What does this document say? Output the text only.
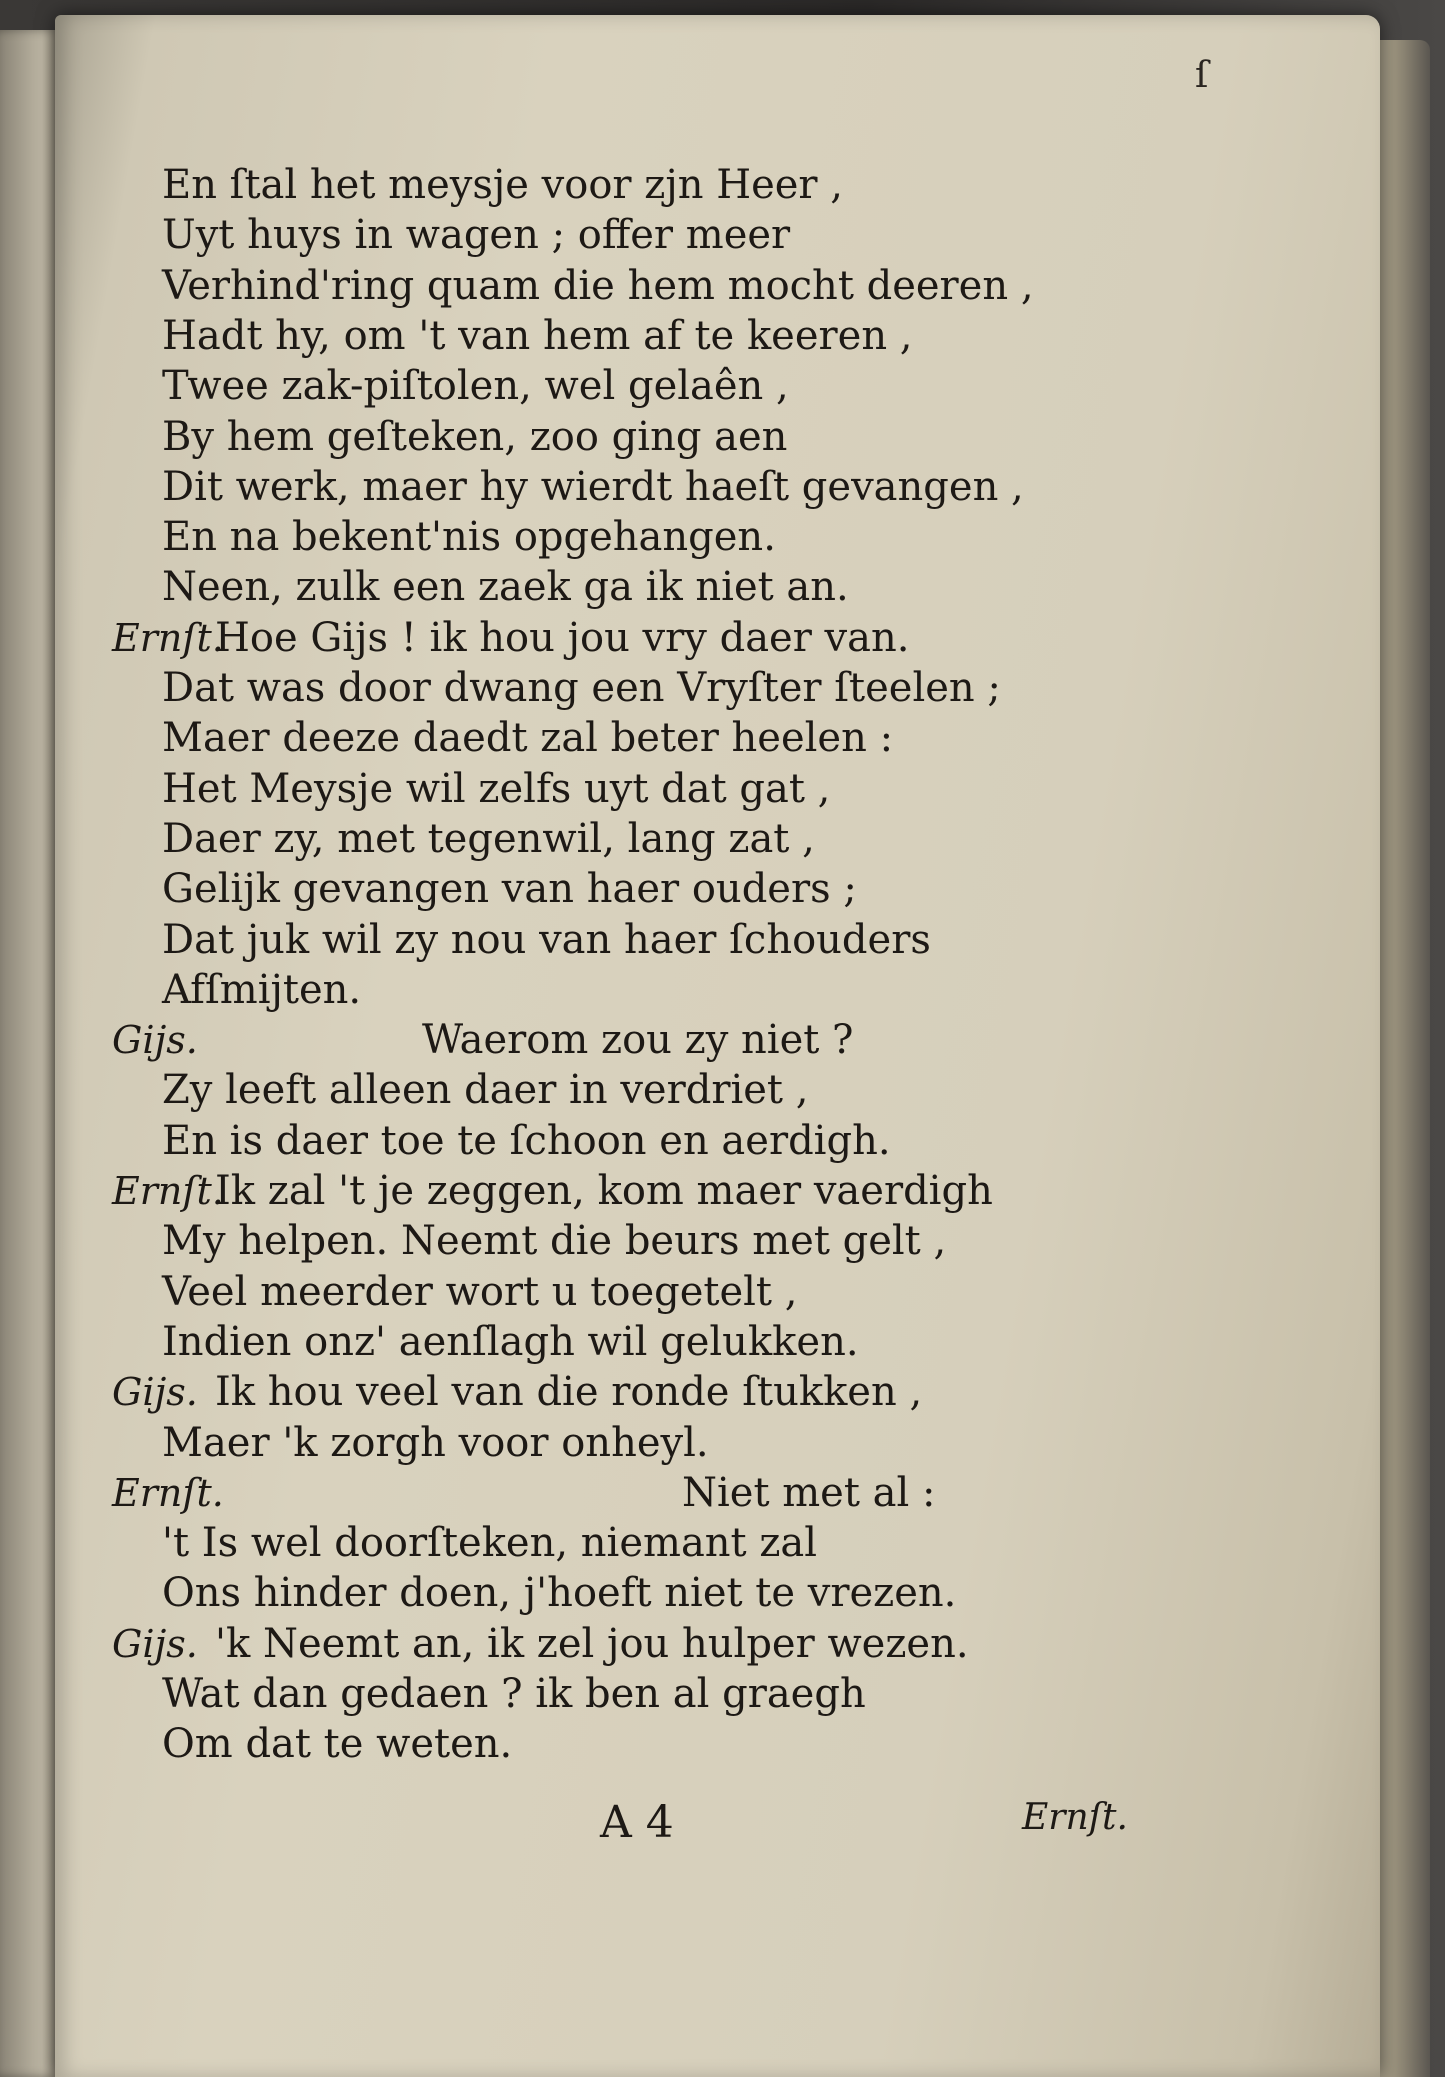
ſ
En ſtal het meysje voor zjn Heer ,
Uyt huys in wagen ; offer meer
Verhind'ring quam die hem mocht deeren ,
Hadt hy, om 't van hem af te keeren ,
Twee zak-piſtolen, wel gelaên ,
By hem geſteken, zoo ging aen
Dit werk, maer hy wierdt haeſt gevangen ,
En na bekent'nis opgehangen.
Neen, zulk een zaek ga ik niet an.
Ernſt.
Hoe Gijs ! ik hou jou vry daer van.
Dat was door dwang een Vryſter ſteelen ;
Maer deeze daedt zal beter heelen :
Het Meysje wil zelfs uyt dat gat ,
Daer zy, met tegenwil, lang zat ,
Gelijk gevangen van haer ouders ;
Dat juk wil zy nou van haer ſchouders
Afſmijten.
Gijs.	Waerom zou zy niet ?
Zy leeft alleen daer in verdriet ,
En is daer toe te ſchoon en aerdigh.
Ernſt.
Ik zal 't je zeggen, kom maer vaerdigh
My helpen. Neemt die beurs met gelt ,
Veel meerder wort u toegetelt ,
Indien onz' aenſlagh wil gelukken.
Gijs. Ik hou veel van die ronde ſtukken ,
Maer 'k zorgh voor onheyl.
Ernſt.	Niet met al :
't Is wel doorſteken, niemant zal
Ons hinder doen, j'hoeft niet te vrezen.
Gijs. 'k Neemt an, ik zel jou hulper wezen.
Wat dan gedaen ? ik ben al graegh
Om dat te weten.
A 4	Ernſt.
